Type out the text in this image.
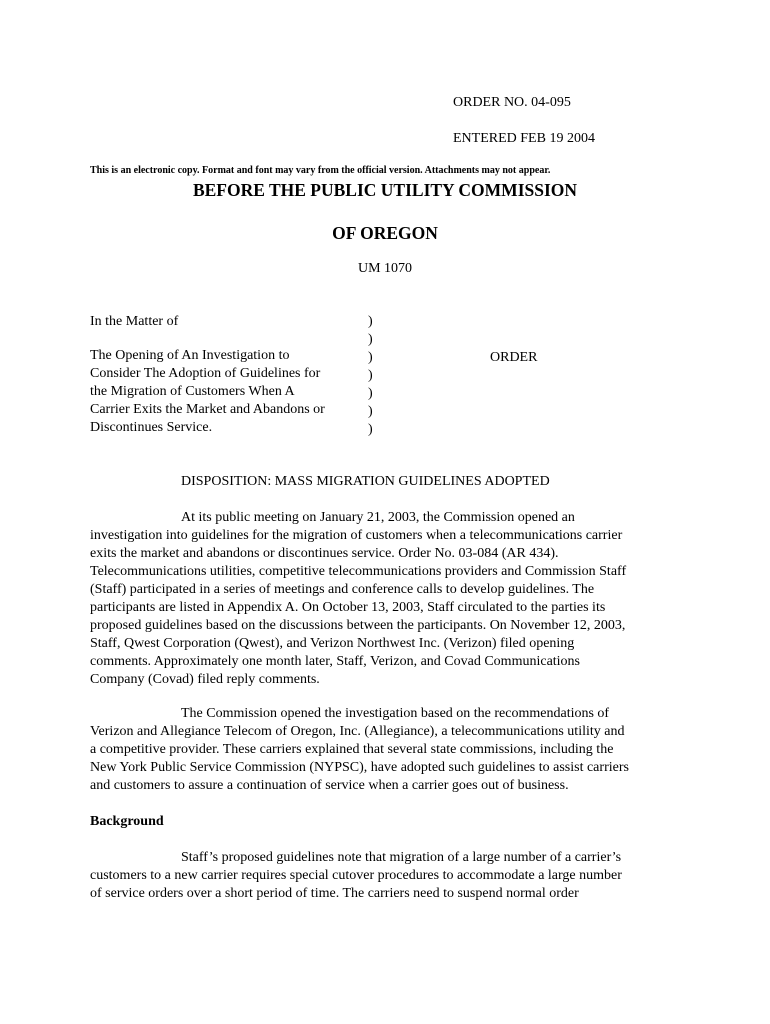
ORDER NO. 04-095
ENTERED FEB 19 2004
This is an electronic copy. Format and font may vary from the official version. Attachments may not appear.
BEFORE THE PUBLIC UTILITY COMMISSION
OF OREGON
UM 1070
In the Matter of
The Opening of An Investigation to
Consider The Adoption of Guidelines for
the Migration of Customers When A
Carrier Exits the Market and Abandons or
Discontinues Service.
)
)
)
)
)
)
)
ORDER
DISPOSITION: MASS MIGRATION GUIDELINES ADOPTED
At its public meeting on January 21, 2003, the Commission opened an
investigation into guidelines for the migration of customers when a telecommunications carrier
exits the market and abandons or discontinues service. Order No. 03-084 (AR 434).
Telecommunications utilities, competitive telecommunications providers and Commission Staff
(Staff) participated in a series of meetings and conference calls to develop guidelines. The
participants are listed in Appendix A. On October 13, 2003, Staff circulated to the parties its
proposed guidelines based on the discussions between the participants. On November 12, 2003,
Staff, Qwest Corporation (Qwest), and Verizon Northwest Inc. (Verizon) filed opening
comments. Approximately one month later, Staff, Verizon, and Covad Communications
Company (Covad) filed reply comments.
The Commission opened the investigation based on the recommendations of
Verizon and Allegiance Telecom of Oregon, Inc. (Allegiance), a telecommunications utility and
a competitive provider. These carriers explained that several state commissions, including the
New York Public Service Commission (NYPSC), have adopted such guidelines to assist carriers
and customers to assure a continuation of service when a carrier goes out of business.
Background
Staff’s proposed guidelines note that migration of a large number of a carrier’s
customers to a new carrier requires special cutover procedures to accommodate a large number
of service orders over a short period of time. The carriers need to suspend normal order
